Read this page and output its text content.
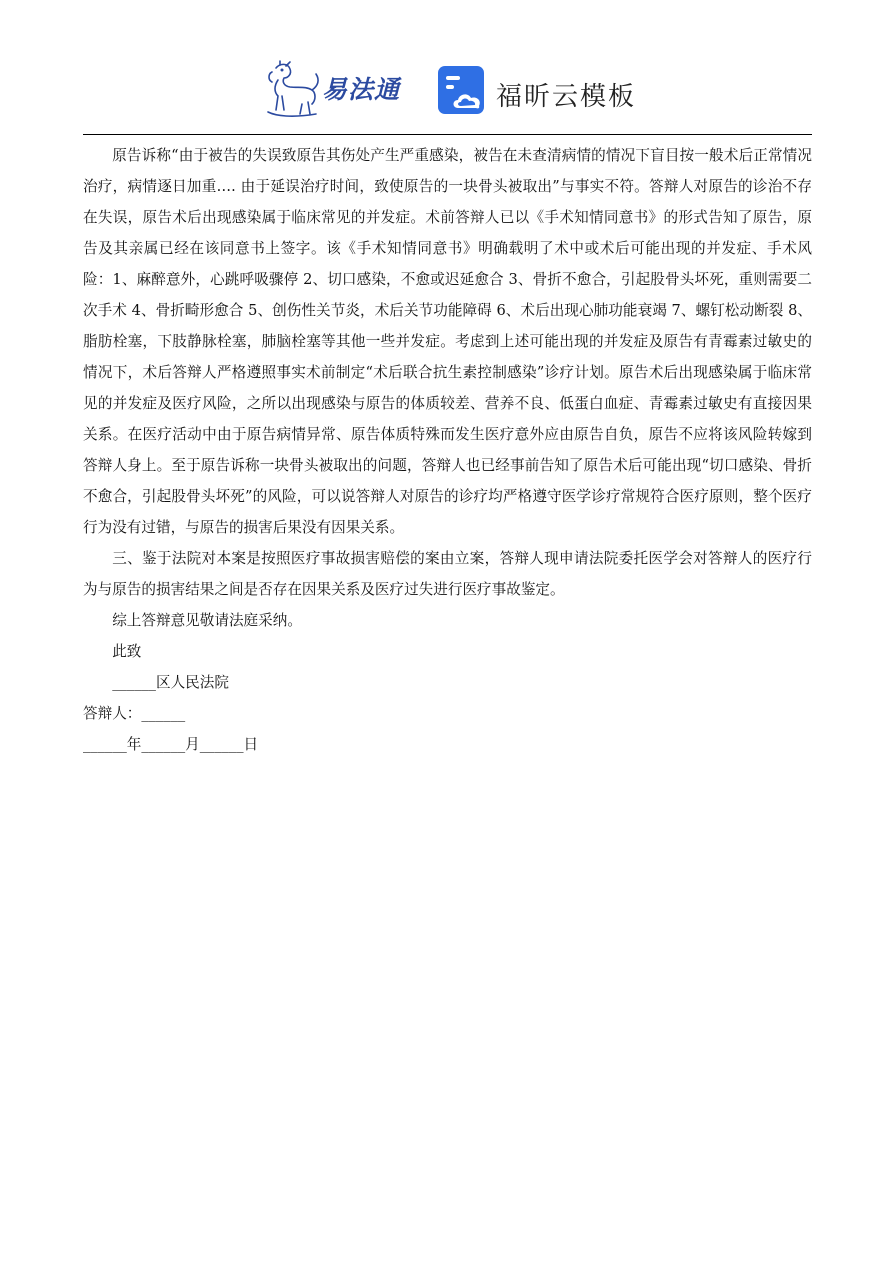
易法通	福昕云模板

原告诉称“由于被告的失误致原告其伤处产生严重感染，被告在未查清病情的情况下盲目按一般术后正常情况治疗，病情逐日加重…. 由于延误治疗时间，致使原告的一块骨头被取出”与事实不符。答辩人对原告的诊治不存在失误，原告术后出现感染属于临床常见的并发症。术前答辩人已以《手术知情同意书》的形式告知了原告，原告及其亲属已经在该同意书上签字。该《手术知情同意书》明确载明了术中或术后可能出现的并发症、手术风险：1、麻醉意外，心跳呼吸骤停 2、切口感染，不愈或迟延愈合 3、骨折不愈合，引起股骨头坏死，重则需要二次手术 4、骨折畸形愈合 5、创伤性关节炎，术后关节功能障碍 6、术后出现心肺功能衰竭 7、螺钉松动断裂 8、脂肪栓塞，下肢静脉栓塞，肺脑栓塞等其他一些并发症。考虑到上述可能出现的并发症及原告有青霉素过敏史的情况下，术后答辩人严格遵照事实术前制定“术后联合抗生素控制感染”诊疗计划。原告术后出现感染属于临床常见的并发症及医疗风险，之所以出现感染与原告的体质较差、营养不良、低蛋白血症、青霉素过敏史有直接因果关系。在医疗活动中由于原告病情异常、原告体质特殊而发生医疗意外应由原告自负，原告不应将该风险转嫁到答辩人身上。至于原告诉称一块骨头被取出的问题，答辩人也已经事前告知了原告术后可能出现“切口感染、骨折不愈合，引起股骨头坏死”的风险，可以说答辩人对原告的诊疗均严格遵守医学诊疗常规符合医疗原则，整个医疗行为没有过错，与原告的损害后果没有因果关系。

三、鉴于法院对本案是按照医疗事故损害赔偿的案由立案，答辩人现申请法院委托医学会对答辩人的医疗行为与原告的损害结果之间是否存在因果关系及医疗过失进行医疗事故鉴定。

综上答辩意见敬请法庭采纳。

此致

______区人民法院

答辩人：______

______年______月______日
